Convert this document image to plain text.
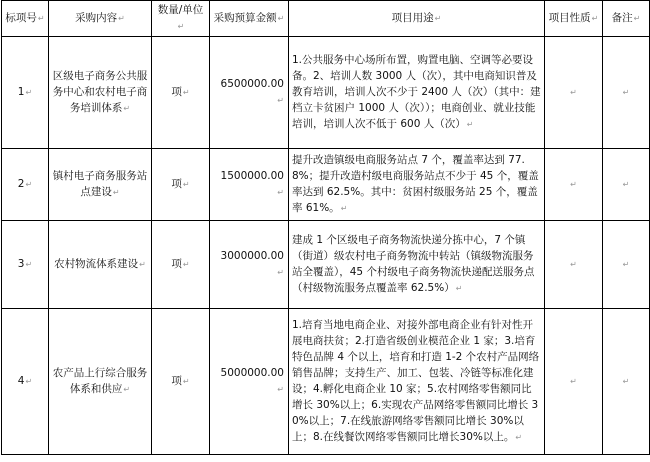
标项号↵	采购内容↵	数量/单位↵	采购预算金额↵	项目用途↵	项目性质↵	备注↵
1↵	区级电子商务公共服务中心和农村电子商务培训体系↵	项↵	6500000.00↵	1.公共服务中心场所布置，购置电脑、空调等必要设备。2、培训人数 3000 人（次），其中电商知识普及教育培训，培训人次不少于 2400 人（次）（其中：建档立卡贫困户 1000 人（次））；电商创业、就业技能培训，培训人次不低于 600 人（次）↵	↵	↵
2↵	镇村电子商务服务站点建设↵	项↵	1500000.00↵	提升改造镇级电商服务站点 7 个，覆盖率达到 77.8%；提升改造村级电商服务站点不少于 45 个，覆盖率达到 62.5%。其中：贫困村级服务站 25 个，覆盖率 61%。↵	↵	↵
3↵	农村物流体系建设↵	项↵	3000000.00↵	建成 1 个区级电子商务物流快递分拣中心，7 个镇（街道）级农村电子商务物流中转站（镇级物流服务站全覆盖），45 个村级电子商务物流快递配送服务点（村级物流服务点覆盖率 62.5%）↵	↵	↵
4↵	农产品上行综合服务体系和供应↵	项↵	5000000.00↵	1.培育当地电商企业、对接外部电商企业有针对性开展电商扶贫；2.打造省级创业模范企业 1 家；3.培育特色品牌 4 个以上，培育和打造 1-2 个农村产品网络销售品牌；支持生产、加工、包装、冷链等标准化建设；4.孵化电商企业 10 家；5.农村网络零售额同比增长 30%以上；6.实现农产品网络零售额同比增长 30%以上；7.在线旅游网络零售额同比增长 30%以上；8.在线餐饮网络零售额同比增长30%以上。↵	↵	↵
